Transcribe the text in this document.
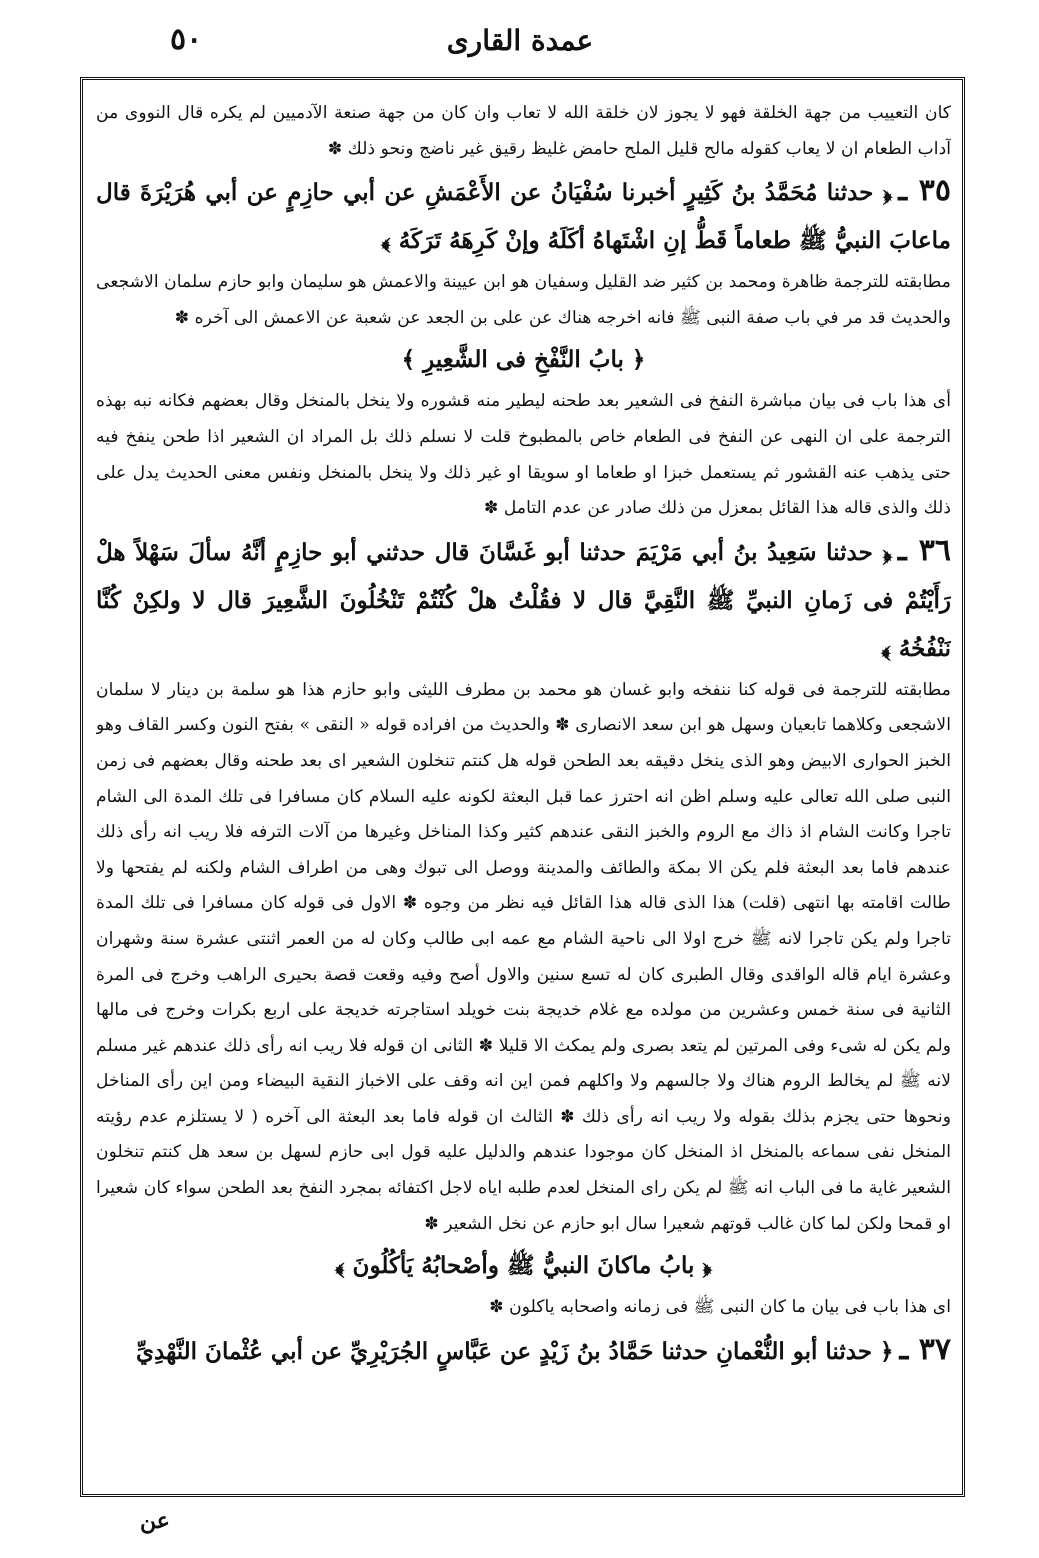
٥٠	عمدة القاری

كان التعييب من جهة الخلقة فهو لا يجوز لان خلقة الله لا تعاب وان كان من جهة صنعة الآدميين لم يكره قال النووى من آداب الطعام ان لا يعاب كقوله مالح قليل الملح حامض غليظ رقيق غير ناضج ونحو ذلك ✽

٣٥ ـ﴿ حدثنا مُحَمَّدُ بنُ كَثِيرٍ أخبرنا سُفْيَانُ عن الأَعْمَشِ عن أبي حازِمٍ عن أبي هُرَيْرَةَ قال ماعابَ النبيُّ ﷺ طعاماً قَطُّ إنِ اشْتَهاهُ أكَلَهُ وإنْ كَرِهَهُ تَرَكَهُ ﴾

مطابقته للترجمة ظاهرة ومحمد بن كثير ضد القليل وسفيان هو ابن عيينة والاعمش هو سليمان وابو حازم سلمان الاشجعى والحديث قد مر في باب صفة النبى ﷺ فانه اخرجه هناك عن على بن الجعد عن شعبة عن الاعمش الى آخره ✽

﴿ بابُ النَّفْخِ فى الشَّعِيرِ ﴾

أى هذا باب فى بيان مباشرة النفخ فى الشعير بعد طحنه ليطير منه قشوره ولا ينخل بالمنخل وقال بعضهم فكانه نبه بهذه الترجمة على ان النهى عن النفخ فى الطعام خاص بالمطبوخ قلت لا نسلم ذلك بل المراد ان الشعير اذا طحن ينفخ فيه حتى يذهب عنه القشور ثم يستعمل خبزا او طعاما او سويقا او غير ذلك ولا ينخل بالمنخل ونفس معنى الحديث يدل على ذلك والذى قاله هذا القائل بمعزل من ذلك صادر عن عدم التامل ✽

٣٦ ـ﴿ حدثنا سَعِيدُ بنُ أبي مَرْيَمَ حدثنا أبو غَسَّانَ قال حدثني أبو حازِمٍ أنَّهُ سألَ سَهْلاً هلْ رَأَيْتُمْ فى زَمانِ النبيِّ ﷺ النَّقِيَّ قال لا فقُلْتُ هلْ كُنْتُمْ تَنْخُلُونَ الشَّعِيرَ قال لا ولكِنْ كُنَّا نَنْفُخُهُ ﴾

مطابقته للترجمة فى قوله كنا ننفخه وابو غسان هو محمد بن مطرف الليثى وابو حازم هذا هو سلمة بن دينار لا سلمان الاشجعى وكلاهما تابعيان وسهل هو ابن سعد الانصارى ✽ والحديث من افراده قوله « النقى » بفتح النون وكسر القاف وهو الخبز الحوارى الابيض وهو الذى ينخل دقيقه بعد الطحن قوله هل كنتم تنخلون الشعير اى بعد طحنه وقال بعضهم فى زمن النبى صلى الله تعالى عليه وسلم اظن انه احترز عما قبل البعثة لكونه عليه السلام كان مسافرا فى تلك المدة الى الشام تاجرا وكانت الشام اذ ذاك مع الروم والخبز النقى عندهم كثير وكذا المناخل وغيرها من آلات الترفه فلا ريب انه رأى ذلك عندهم فاما بعد البعثة فلم يكن الا بمكة والطائف والمدينة ووصل الى تبوك وهى من اطراف الشام ولكنه لم يفتحها ولا طالت اقامته بها انتهى (قلت) هذا الذى قاله هذا القائل فيه نظر من وجوه ✽ الاول فى قوله كان مسافرا فى تلك المدة تاجرا ولم يكن تاجرا لانه ﷺ خرج اولا الى ناحية الشام مع عمه ابى طالب وكان له من العمر اثنتى عشرة سنة وشهران وعشرة ايام قاله الواقدى وقال الطبرى كان له تسع سنين والاول أصح وفيه وقعت قصة بحيرى الراهب وخرج فى المرة الثانية فى سنة خمس وعشرين من مولده مع غلام خديجة بنت خويلد استاجرته خديجة على اربع بكرات وخرج فى مالها ولم يكن له شىء وفى المرتين لم يتعد بصرى ولم يمكث الا قليلا ✽ الثانى ان قوله فلا ريب انه رأى ذلك عندهم غير مسلم لانه ﷺ لم يخالط الروم هناك ولا جالسهم ولا واكلهم فمن اين انه وقف على الاخباز النقية البيضاء ومن اين رأى المناخل ونحوها حتى يجزم بذلك بقوله ولا ريب انه رأى ذلك ✽ الثالث ان قوله فاما بعد البعثة الى آخره ( لا يستلزم عدم رؤيته المنخل نفى سماعه بالمنخل اذ المنخل كان موجودا عندهم والدليل عليه قول ابى حازم لسهل بن سعد هل كنتم تنخلون الشعير غاية ما فى الباب انه ﷺ لم يكن راى المنخل لعدم طلبه اياه لاجل اكتفائه بمجرد النفخ بعد الطحن سواء كان شعيرا او قمحا ولكن لما كان غالب قوتهم شعيرا سال ابو حازم عن نخل الشعير ✽

﴿ بابُ ماكانَ النبيُّ ﷺ وأصْحابُهُ يَأكُلُونَ ﴾

اى هذا باب فى بيان ما كان النبى ﷺ فى زمانه واصحابه ياكلون ✽

٣٧ ـ﴿ حدثنا أبو النُّعْمانِ حدثنا حَمَّادُ بنُ زَيْدٍ عن عَبَّاسٍ الجُرَيْرِيِّ عن أبي عُثْمانَ النَّهْدِيِّ

عن
